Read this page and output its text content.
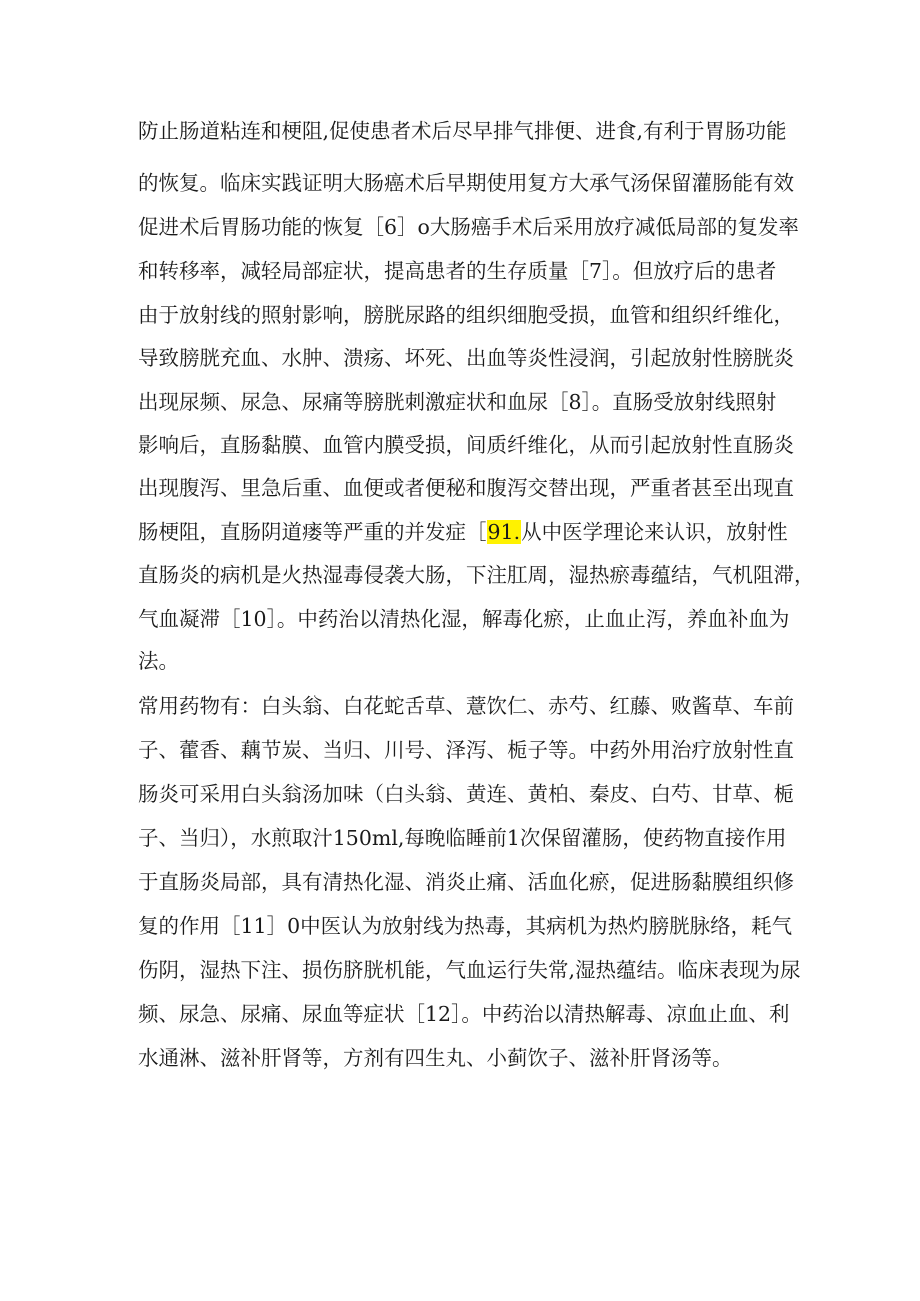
防止肠道粘连和梗阻,促使患者术后尽早排气排便、进食,有利于胃肠功能
的恢复。临床实践证明大肠癌术后早期使用复方大承气汤保留灌肠能有效
促进术后胃肠功能的恢复［6］o大肠癌手术后采用放疗减低局部的复发率
和转移率，减轻局部症状，提高患者的生存质量［7］。但放疗后的患者
由于放射线的照射影响，膀胱尿路的组织细胞受损，血管和组织纤维化，
导致膀胱充血、水肿、溃疡、坏死、出血等炎性浸润，引起放射性膀胱炎
出现尿频、尿急、尿痛等膀胱刺激症状和血尿［8］。直肠受放射线照射
影响后，直肠黏膜、血管内膜受损，间质纤维化，从而引起放射性直肠炎
出现腹泻、里急后重、血便或者便秘和腹泻交替出现，严重者甚至出现直
肠梗阻，直肠阴道瘘等严重的并发症［91.从中医学理论来认识，放射性
直肠炎的病机是火热湿毒侵袭大肠，下注肛周，湿热瘀毒蕴结，气机阻滞，
气血凝滞［10］。中药治以清热化湿，解毒化瘀，止血止泻，养血补血为
法。
常用药物有：白头翁、白花蛇舌草、薏饮仁、赤芍、红藤、败酱草、车前
子、藿香、藕节炭、当归、川号、泽泻、栀子等。中药外用治疗放射性直
肠炎可采用白头翁汤加味（白头翁、黄连、黄柏、秦皮、白芍、甘草、栀
子、当归），水煎取汁150ml,每晚临睡前1次保留灌肠，使药物直接作用
于直肠炎局部，具有清热化湿、消炎止痛、活血化瘀，促进肠黏膜组织修
复的作用［11］0中医认为放射线为热毒，其病机为热灼膀胱脉络，耗气
伤阴，湿热下注、损伤脐胱机能，气血运行失常,湿热蕴结。临床表现为尿
频、尿急、尿痛、尿血等症状［12］。中药治以清热解毒、凉血止血、利
水通淋、滋补肝肾等，方剂有四生丸、小蓟饮子、滋补肝肾汤等。
